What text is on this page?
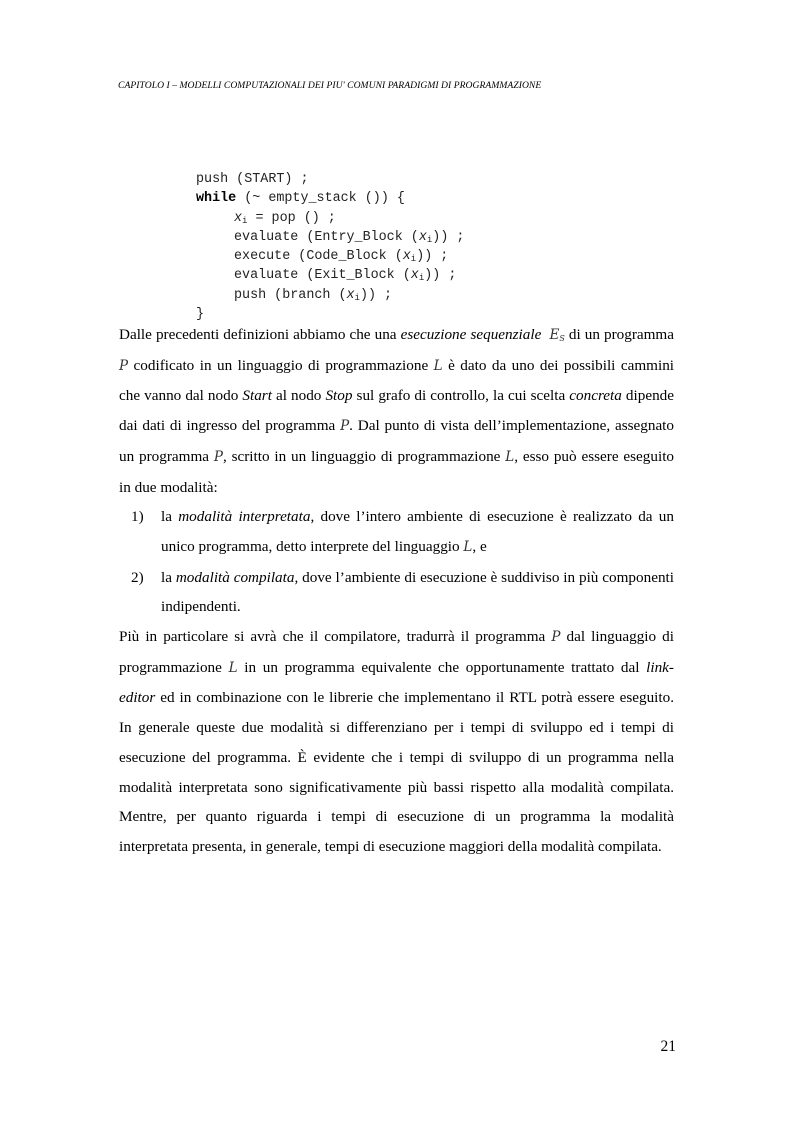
CAPITOLO I – MODELLI COMPUTAZIONALI DEI PIU' COMUNI PARADIGMI DI PROGRAMMAZIONE
push (START) ;
while (~ empty_stack ()) {
$x_i$ = pop () ;
evaluate (Entry_Block $(x_i)$) ;
execute (Code_Block $(x_i)$) ;
evaluate (Exit_Block $(x_i)$) ;
push (branch $(x_i)$) ;
}

Dalle precedenti definizioni abbiamo che una esecuzione sequenziale $E_S$ di un programma P codificato in un linguaggio di programmazione L è dato da uno dei possibili cammini che vanno dal nodo Start al nodo Stop sul grafo di controllo, la cui scelta concreta dipende dai dati di ingresso del programma P. Dal punto di vista dell’implementazione, assegnato un programma P, scritto in un linguaggio di programmazione L, esso può essere eseguito in due modalità:

1) la modalità interpretata, dove l’intero ambiente di esecuzione è realizzato da un unico programma, detto interprete del linguaggio L, e
2) la modalità compilata, dove l’ambiente di esecuzione è suddiviso in più componenti indipendenti.

Più in particolare si avrà che il compilatore, tradurrà il programma P dal linguaggio di programmazione L in un programma equivalente che opportunamente trattato dal link-editor ed in combinazione con le librerie che implementano il RTL potrà essere eseguito. In generale queste due modalità si differenziano per i tempi di sviluppo ed i tempi di esecuzione del programma. È evidente che i tempi di sviluppo di un programma nella modalità interpretata sono significativamente più bassi rispetto alla modalità compilata. Mentre, per quanto riguarda i tempi di esecuzione di un programma la modalità interpretata presenta, in generale, tempi di esecuzione maggiori della modalità compilata.

21
